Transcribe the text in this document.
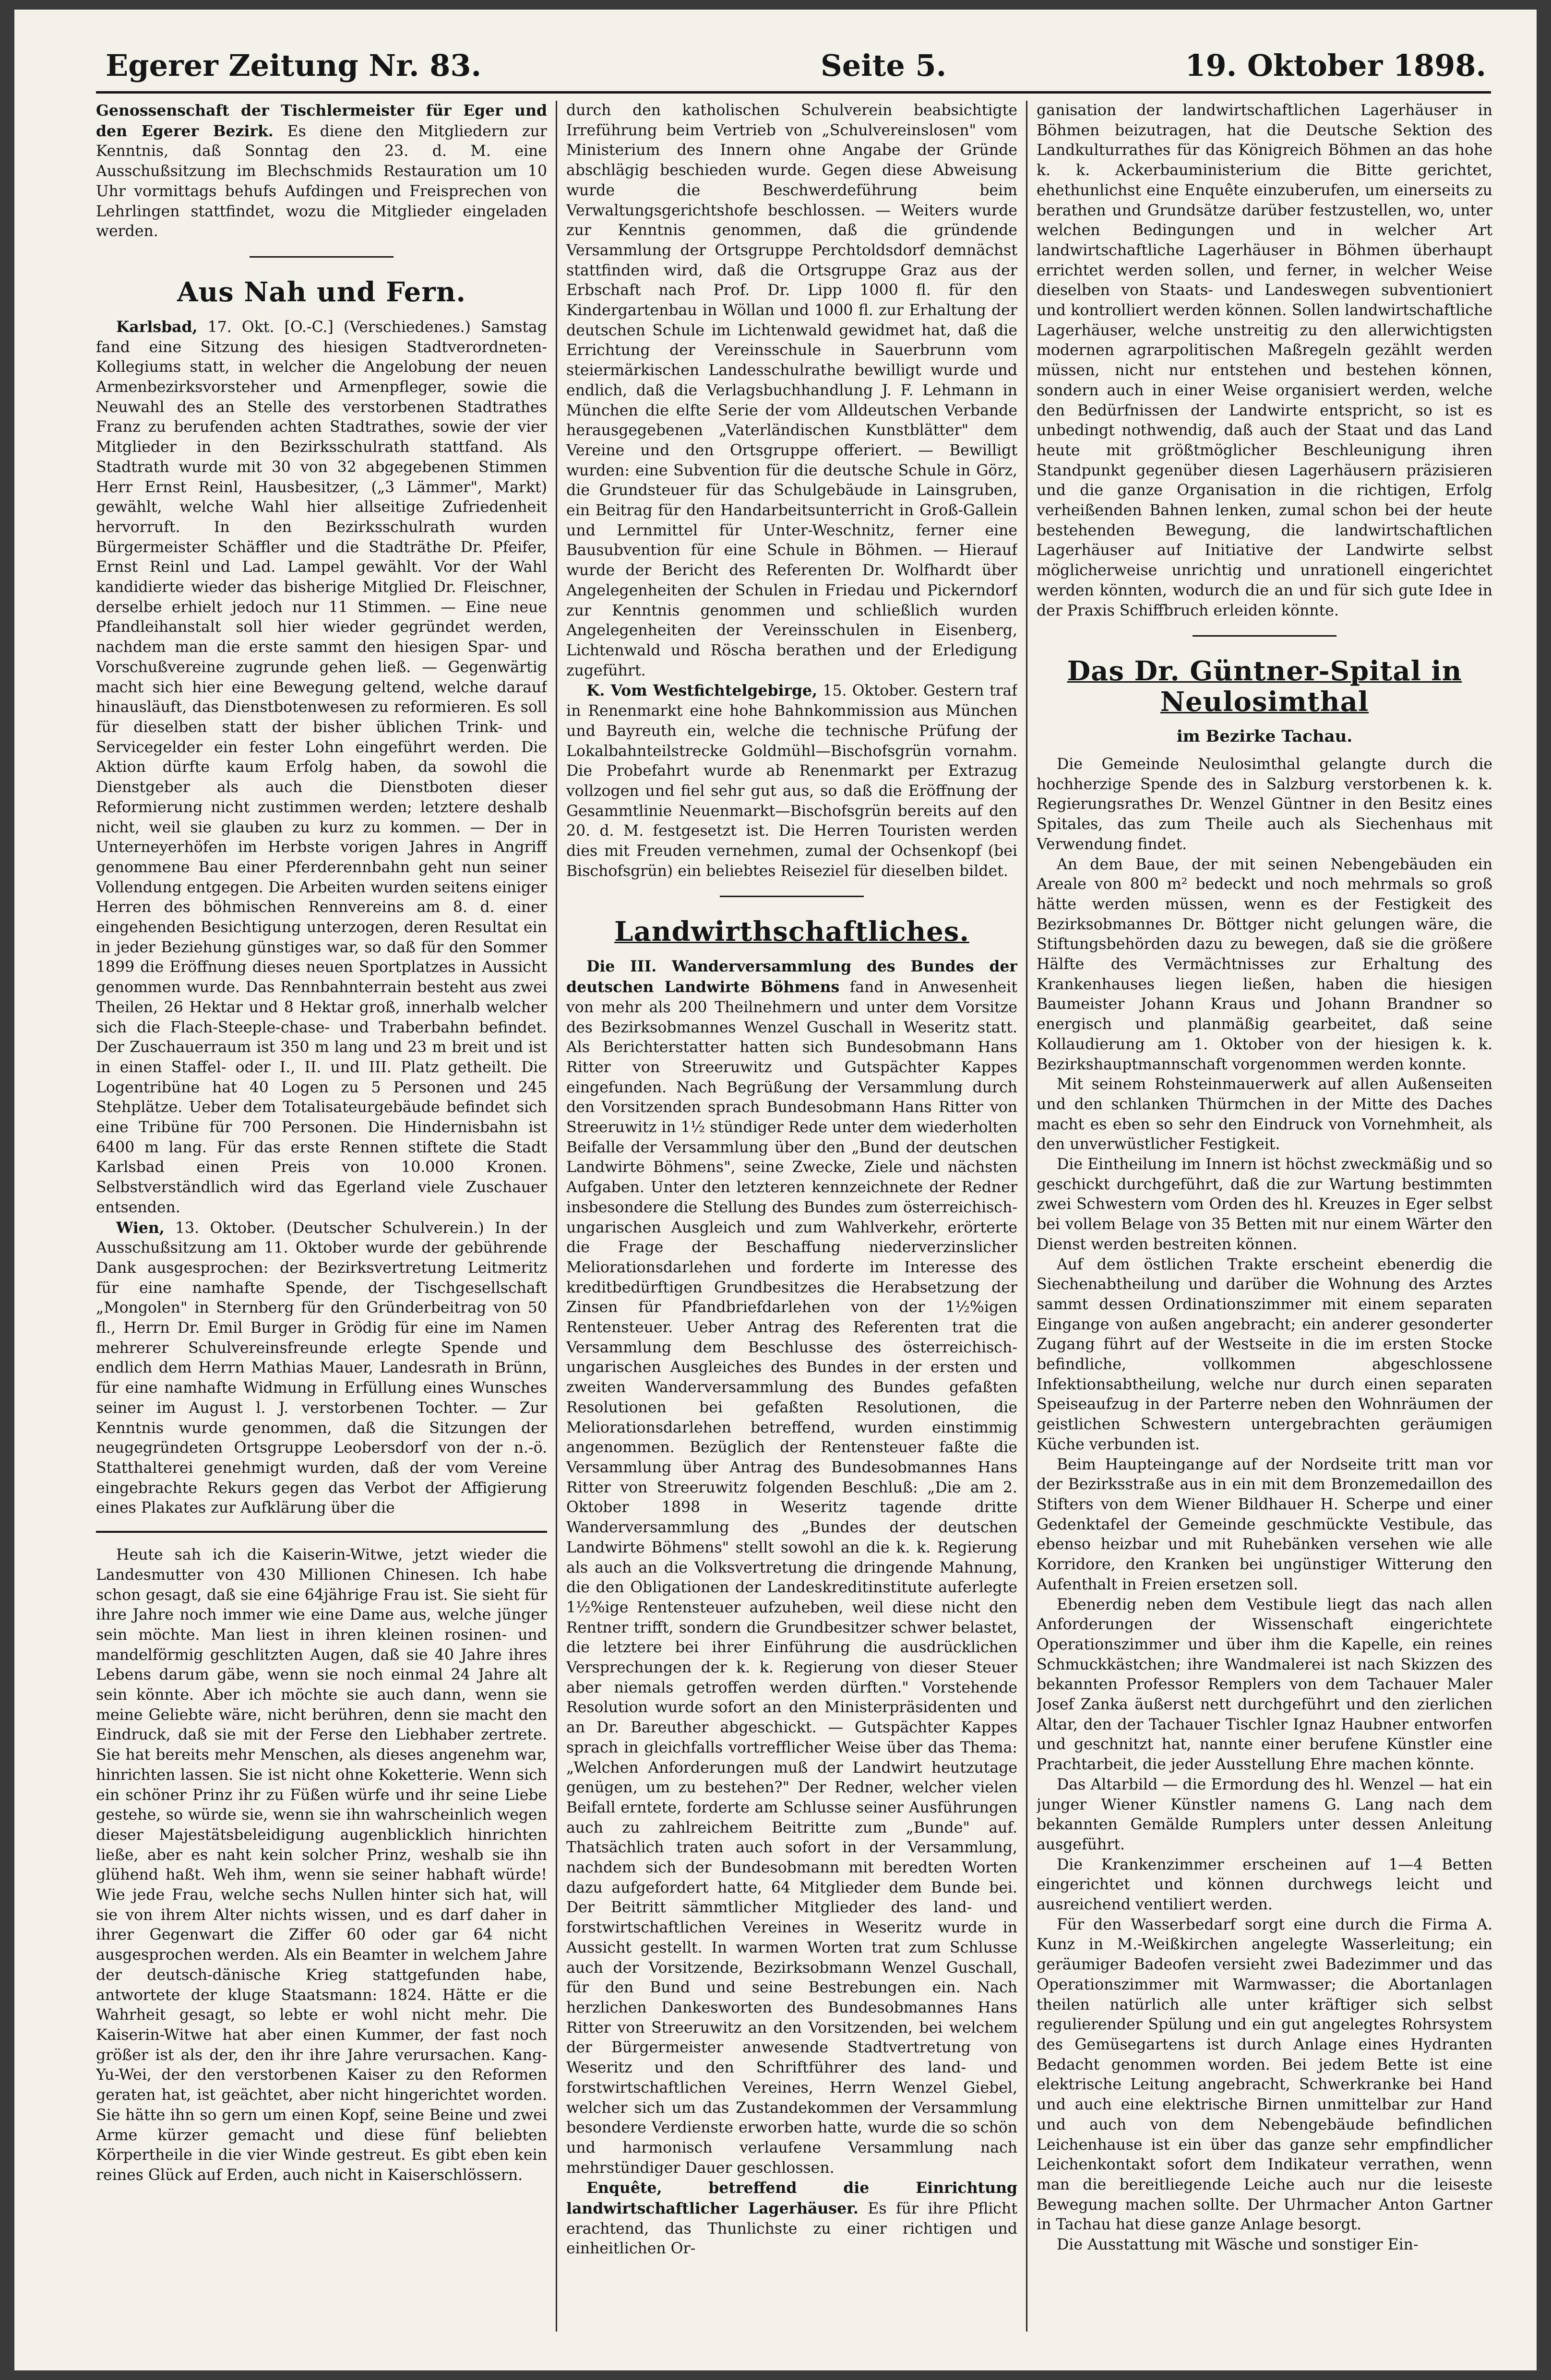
Egerer Zeitung Nr. 83.	Seite 5.	19. Oktober 1898.

Genossenschaft der Tischlermeister für Eger und den Egerer Bezirk. Es diene den Mitgliedern zur Kenntnis, daß Sonntag den 23. d. M. eine Ausschußsitzung im Blechschmids Restauration um 10 Uhr vormittags behufs Aufdingen und Freisprechen von Lehrlingen stattfindet, wozu die Mitglieder eingeladen werden.

Aus Nah und Fern.

Karlsbad, 17. Okt. [O.-C.] (Verschiedenes.) Samstag fand eine Sitzung des hiesigen Stadtverordneten-Kollegiums statt, in welcher die Angelobung der neuen Armenbezirksvorsteher und Armenpfleger, sowie die Neuwahl des an Stelle des verstorbenen Stadtrathes Franz zu berufenden achten Stadtrathes, sowie der vier Mitglieder in den Bezirksschulrath stattfand. Als Stadtrath wurde mit 30 von 32 abgegebenen Stimmen Herr Ernst Reinl, Hausbesitzer, („3 Lämmer", Markt) gewählt, welche Wahl hier allseitige Zufriedenheit hervorruft. In den Bezirksschulrath wurden Bürgermeister Schäffler und die Stadträthe Dr. Pfeifer, Ernst Reinl und Lad. Lampel gewählt. Vor der Wahl kandidierte wieder das bisherige Mitglied Dr. Fleischner, derselbe erhielt jedoch nur 11 Stimmen. — Eine neue Pfandleihanstalt soll hier wieder gegründet werden, nachdem man die erste sammt den hiesigen Spar- und Vorschußvereine zugrunde gehen ließ. — Gegenwärtig macht sich hier eine Bewegung geltend, welche darauf hinausläuft, das Dienstbotenwesen zu reformieren. Es soll für dieselben statt der bisher üblichen Trink- und Servicegelder ein fester Lohn eingeführt werden. Die Aktion dürfte kaum Erfolg haben, da sowohl die Dienstgeber als auch die Dienstboten dieser Reformierung nicht zustimmen werden; letztere deshalb nicht, weil sie glauben zu kurz zu kommen. — Der in Unterneyerhöfen im Herbste vorigen Jahres in Angriff genommene Bau einer Pferderennbahn geht nun seiner Vollendung entgegen. Die Arbeiten wurden seitens einiger Herren des böhmischen Rennvereins am 8. d. einer eingehenden Besichtigung unterzogen, deren Resultat ein in jeder Beziehung günstiges war, so daß für den Sommer 1899 die Eröffnung dieses neuen Sportplatzes in Aussicht genommen wurde. Das Rennbahnterrain besteht aus zwei Theilen, 26 Hektar und 8 Hektar groß, innerhalb welcher sich die Flach-Steeple-chase- und Traberbahn befindet. Der Zuschauerraum ist 350 m lang und 23 m breit und ist in einen Staffel- oder I., II. und III. Platz getheilt. Die Logentribüne hat 40 Logen zu 5 Personen und 245 Stehplätze. Ueber dem Totalisateurgebäude befindet sich eine Tribüne für 700 Personen. Die Hindernisbahn ist 6400 m lang. Für das erste Rennen stiftete die Stadt Karlsbad einen Preis von 10.000 Kronen. Selbstverständlich wird das Egerland viele Zuschauer entsenden.

Wien, 13. Oktober. (Deutscher Schulverein.) In der Ausschußsitzung am 11. Oktober wurde der gebührende Dank ausgesprochen: der Bezirksvertretung Leitmeritz für eine namhafte Spende, der Tischgesellschaft „Mongolen" in Sternberg für den Gründerbeitrag von 50 fl., Herrn Dr. Emil Burger in Grödig für eine im Namen mehrerer Schulvereinsfreunde erlegte Spende und endlich dem Herrn Mathias Mauer, Landesrath in Brünn, für eine namhafte Widmung in Erfüllung eines Wunsches seiner im August l. J. verstorbenen Tochter. — Zur Kenntnis wurde genommen, daß die Sitzungen der neugegründeten Ortsgruppe Leobersdorf von der n.-ö. Statthalterei genehmigt wurden, daß der vom Vereine eingebrachte Rekurs gegen das Verbot der Affigierung eines Plakates zur Aufklärung über die

Heute sah ich die Kaiserin-Witwe, jetzt wieder die Landesmutter von 430 Millionen Chinesen. Ich habe schon gesagt, daß sie eine 64jährige Frau ist. Sie sieht für ihre Jahre noch immer wie eine Dame aus, welche jünger sein möchte. Man liest in ihren kleinen rosinen- und mandelförmig geschlitzten Augen, daß sie 40 Jahre ihres Lebens darum gäbe, wenn sie noch einmal 24 Jahre alt sein könnte. Aber ich möchte sie auch dann, wenn sie meine Geliebte wäre, nicht berühren, denn sie macht den Eindruck, daß sie mit der Ferse den Liebhaber zertrete. Sie hat bereits mehr Menschen, als dieses angenehm war, hinrichten lassen. Sie ist nicht ohne Koketterie. Wenn sich ein schöner Prinz ihr zu Füßen würfe und ihr seine Liebe gestehe, so würde sie, wenn sie ihn wahrscheinlich wegen dieser Majestätsbeleidigung augenblicklich hinrichten ließe, aber es naht kein solcher Prinz, weshalb sie ihn glühend haßt. Weh ihm, wenn sie seiner habhaft würde! Wie jede Frau, welche sechs Nullen hinter sich hat, will sie von ihrem Alter nichts wissen, und es darf daher in ihrer Gegenwart die Ziffer 60 oder gar 64 nicht ausgesprochen werden. Als ein Beamter in welchem Jahre der deutsch-dänische Krieg stattgefunden habe, antwortete der kluge Staatsmann: 1824. Hätte er die Wahrheit gesagt, so lebte er wohl nicht mehr. Die Kaiserin-Witwe hat aber einen Kummer, der fast noch größer ist als der, den ihr ihre Jahre verursachen. Kang-Yu-Wei, der den verstorbenen Kaiser zu den Reformen geraten hat, ist geächtet, aber nicht hingerichtet worden. Sie hätte ihn so gern um einen Kopf, seine Beine und zwei Arme kürzer gemacht und diese fünf beliebten Körpertheile in die vier Winde gestreut. Es gibt eben kein reines Glück auf Erden, auch nicht in Kaiserschlössern.

durch den katholischen Schulverein beabsichtigte Irreführung beim Vertrieb von „Schulvereinslosen" vom Ministerium des Innern ohne Angabe der Gründe abschlägig beschieden wurde. Gegen diese Abweisung wurde die Beschwerdeführung beim Verwaltungsgerichtshofe beschlossen. — Weiters wurde zur Kenntnis genommen, daß die gründende Versammlung der Ortsgruppe Perchtoldsdorf demnächst stattfinden wird, daß die Ortsgruppe Graz aus der Erbschaft nach Prof. Dr. Lipp 1000 fl. für den Kindergartenbau in Wöllan und 1000 fl. zur Erhaltung der deutschen Schule im Lichtenwald gewidmet hat, daß die Errichtung der Vereinsschule in Sauerbrunn vom steiermärkischen Landesschulrathe bewilligt wurde und endlich, daß die Verlagsbuchhandlung J. F. Lehmann in München die elfte Serie der vom Alldeutschen Verbande herausgegebenen „Vaterländischen Kunstblätter" dem Vereine und den Ortsgruppe offeriert. — Bewilligt wurden: eine Subvention für die deutsche Schule in Görz, die Grundsteuer für das Schulgebäude in Lainsgruben, ein Beitrag für den Handarbeitsunterricht in Groß-Gallein und Lernmittel für Unter-Weschnitz, ferner eine Bausubvention für eine Schule in Böhmen. — Hierauf wurde der Bericht des Referenten Dr. Wolfhardt über Angelegenheiten der Schulen in Friedau und Pickerndorf zur Kenntnis genommen und schließlich wurden Angelegenheiten der Vereinsschulen in Eisenberg, Lichtenwald und Röscha berathen und der Erledigung zugeführt.

K. Vom Westfichtelgebirge, 15. Oktober. Gestern traf in Renenmarkt eine hohe Bahnkommission aus München und Bayreuth ein, welche die technische Prüfung der Lokalbahnteilstrecke Goldmühl—Bischofsgrün vornahm. Die Probefahrt wurde ab Renenmarkt per Extrazug vollzogen und fiel sehr gut aus, so daß die Eröffnung der Gesammtlinie Neuenmarkt—Bischofsgrün bereits auf den 20. d. M. festgesetzt ist. Die Herren Touristen werden dies mit Freuden vernehmen, zumal der Ochsenkopf (bei Bischofsgrün) ein beliebtes Reiseziel für dieselben bildet.

Landwirthschaftliches.

Die III. Wanderversammlung des Bundes der deutschen Landwirte Böhmens fand in Anwesenheit von mehr als 200 Theilnehmern und unter dem Vorsitze des Bezirksobmannes Wenzel Guschall in Weseritz statt. Als Berichterstatter hatten sich Bundesobmann Hans Ritter von Streeruwitz und Gutspächter Kappes eingefunden. Nach Begrüßung der Versammlung durch den Vorsitzenden sprach Bundesobmann Hans Ritter von Streeruwitz in 1½ stündiger Rede unter dem wiederholten Beifalle der Versammlung über den „Bund der deutschen Landwirte Böhmens", seine Zwecke, Ziele und nächsten Aufgaben. Unter den letzteren kennzeichnete der Redner insbesondere die Stellung des Bundes zum österreichisch-ungarischen Ausgleich und zum Wahlverkehr, erörterte die Frage der Beschaffung niederverzinslicher Meliorationsdarlehen und forderte im Interesse des kreditbedürftigen Grundbesitzes die Herabsetzung der Zinsen für Pfandbriefdarlehen von der 1½%igen Rentensteuer. Ueber Antrag des Referenten trat die Versammlung dem Beschlusse des österreichisch-ungarischen Ausgleiches des Bundes in der ersten und zweiten Wanderversammlung des Bundes gefaßten Resolutionen bei gefaßten Resolutionen, die Meliorationsdarlehen betreffend, wurden einstimmig angenommen. Bezüglich der Rentensteuer faßte die Versammlung über Antrag des Bundesobmannes Hans Ritter von Streeruwitz folgenden Beschluß: „Die am 2. Oktober 1898 in Weseritz tagende dritte Wanderversammlung des „Bundes der deutschen Landwirte Böhmens" stellt sowohl an die k. k. Regierung als auch an die Volksvertretung die dringende Mahnung, die den Obligationen der Landeskreditinstitute auferlegte 1½%ige Rentensteuer aufzuheben, weil diese nicht den Rentner trifft, sondern die Grundbesitzer schwer belastet, die letztere bei ihrer Einführung die ausdrücklichen Versprechungen der k. k. Regierung von dieser Steuer aber niemals getroffen werden dürften." Vorstehende Resolution wurde sofort an den Ministerpräsidenten und an Dr. Bareuther abgeschickt. — Gutspächter Kappes sprach in gleichfalls vortrefflicher Weise über das Thema: „Welchen Anforderungen muß der Landwirt heutzutage genügen, um zu bestehen?" Der Redner, welcher vielen Beifall erntete, forderte am Schlusse seiner Ausführungen auch zu zahlreichem Beitritte zum „Bunde" auf. Thatsächlich traten auch sofort in der Versammlung, nachdem sich der Bundesobmann mit beredten Worten dazu aufgefordert hatte, 64 Mitglieder dem Bunde bei. Der Beitritt sämmtlicher Mitglieder des land- und forstwirtschaftlichen Vereines in Weseritz wurde in Aussicht gestellt. In warmen Worten trat zum Schlusse auch der Vorsitzende, Bezirksobmann Wenzel Guschall, für den Bund und seine Bestrebungen ein. Nach herzlichen Dankesworten des Bundesobmannes Hans Ritter von Streeruwitz an den Vorsitzenden, bei welchem der Bürgermeister anwesende Stadtvertretung von Weseritz und den Schriftführer des land- und forstwirtschaftlichen Vereines, Herrn Wenzel Giebel, welcher sich um das Zustandekommen der Versammlung besondere Verdienste erworben hatte, wurde die so schön und harmonisch verlaufene Versammlung nach mehrstündiger Dauer geschlossen.

Enquête, betreffend die Einrichtung landwirtschaftlicher Lagerhäuser. Es für ihre Pflicht erachtend, das Thunlichste zu einer richtigen und einheitlichen Or-

ganisation der landwirtschaftlichen Lagerhäuser in Böhmen beizutragen, hat die Deutsche Sektion des Landkulturrathes für das Königreich Böhmen an das hohe k. k. Ackerbauministerium die Bitte gerichtet, ehethunlichst eine Enquête einzuberufen, um einerseits zu berathen und Grundsätze darüber festzustellen, wo, unter welchen Bedingungen und in welcher Art landwirtschaftliche Lagerhäuser in Böhmen überhaupt errichtet werden sollen, und ferner, in welcher Weise dieselben von Staats- und Landeswegen subventioniert und kontrolliert werden können. Sollen landwirtschaftliche Lagerhäuser, welche unstreitig zu den allerwichtigsten modernen agrarpolitischen Maßregeln gezählt werden müssen, nicht nur entstehen und bestehen können, sondern auch in einer Weise organisiert werden, welche den Bedürfnissen der Landwirte entspricht, so ist es unbedingt nothwendig, daß auch der Staat und das Land heute mit größtmöglicher Beschleunigung ihren Standpunkt gegenüber diesen Lagerhäusern präzisieren und die ganze Organisation in die richtigen, Erfolg verheißenden Bahnen lenken, zumal schon bei der heute bestehenden Bewegung, die landwirtschaftlichen Lagerhäuser auf Initiative der Landwirte selbst möglicherweise unrichtig und unrationell eingerichtet werden könnten, wodurch die an und für sich gute Idee in der Praxis Schiffbruch erleiden könnte.

Das Dr. Güntner-Spital in Neulosimthal

im Bezirke Tachau.

Die Gemeinde Neulosimthal gelangte durch die hochherzige Spende des in Salzburg verstorbenen k. k. Regierungsrathes Dr. Wenzel Güntner in den Besitz eines Spitales, das zum Theile auch als Siechenhaus mit Verwendung findet.

An dem Baue, der mit seinen Nebengebäuden ein Areale von 800 m² bedeckt und noch mehrmals so groß hätte werden müssen, wenn es der Festigkeit des Bezirksobmannes Dr. Böttger nicht gelungen wäre, die Stiftungsbehörden dazu zu bewegen, daß sie die größere Hälfte des Vermächtnisses zur Erhaltung des Krankenhauses liegen ließen, haben die hiesigen Baumeister Johann Kraus und Johann Brandner so energisch und planmäßig gearbeitet, daß seine Kollaudierung am 1. Oktober von der hiesigen k. k. Bezirkshauptmannschaft vorgenommen werden konnte.

Mit seinem Rohsteinmauerwerk auf allen Außenseiten und den schlanken Thürmchen in der Mitte des Daches macht es eben so sehr den Eindruck von Vornehmheit, als den unverwüstlicher Festigkeit.

Die Eintheilung im Innern ist höchst zweckmäßig und so geschickt durchgeführt, daß die zur Wartung bestimmten zwei Schwestern vom Orden des hl. Kreuzes in Eger selbst bei vollem Belage von 35 Betten mit nur einem Wärter den Dienst werden bestreiten können.

Auf dem östlichen Trakte erscheint ebenerdig die Siechenabtheilung und darüber die Wohnung des Arztes sammt dessen Ordinationszimmer mit einem separaten Eingange von außen angebracht; ein anderer gesonderter Zugang führt auf der Westseite in die im ersten Stocke befindliche, vollkommen abgeschlossene Infektionsabtheilung, welche nur durch einen separaten Speiseaufzug in der Parterre neben den Wohnräumen der geistlichen Schwestern untergebrachten geräumigen Küche verbunden ist.

Beim Haupteingange auf der Nordseite tritt man vor der Bezirksstraße aus in ein mit dem Bronzemedaillon des Stifters von dem Wiener Bildhauer H. Scherpe und einer Gedenktafel der Gemeinde geschmückte Vestibule, das ebenso heizbar und mit Ruhebänken versehen wie alle Korridore, den Kranken bei ungünstiger Witterung den Aufenthalt in Freien ersetzen soll.

Ebenerdig neben dem Vestibule liegt das nach allen Anforderungen der Wissenschaft eingerichtete Operationszimmer und über ihm die Kapelle, ein reines Schmuckkästchen; ihre Wandmalerei ist nach Skizzen des bekannten Professor Remplers von dem Tachauer Maler Josef Zanka äußerst nett durchgeführt und den zierlichen Altar, den der Tachauer Tischler Ignaz Haubner entworfen und geschnitzt hat, nannte einer berufene Künstler eine Prachtarbeit, die jeder Ausstellung Ehre machen könnte.

Das Altarbild — die Ermordung des hl. Wenzel — hat ein junger Wiener Künstler namens G. Lang nach dem bekannten Gemälde Rumplers unter dessen Anleitung ausgeführt.

Die Krankenzimmer erscheinen auf 1—4 Betten eingerichtet und können durchwegs leicht und ausreichend ventiliert werden.

Für den Wasserbedarf sorgt eine durch die Firma A. Kunz in M.-Weißkirchen angelegte Wasserleitung; ein geräumiger Badeofen versieht zwei Badezimmer und das Operationszimmer mit Warmwasser; die Abortanlagen theilen natürlich alle unter kräftiger sich selbst regulierender Spülung und ein gut angelegtes Rohrsystem des Gemüsegartens ist durch Anlage eines Hydranten Bedacht genommen worden. Bei jedem Bette ist eine elektrische Leitung angebracht, Schwerkranke bei Hand und auch eine elektrische Birnen unmittelbar zur Hand und auch von dem Nebengebäude befindlichen Leichenhause ist ein über das ganze sehr empfindlicher Leichenkontakt sofort dem Indikateur verrathen, wenn man die bereitliegende Leiche auch nur die leiseste Bewegung machen sollte. Der Uhrmacher Anton Gartner in Tachau hat diese ganze Anlage besorgt.

Die Ausstattung mit Wäsche und sonstiger Ein-
